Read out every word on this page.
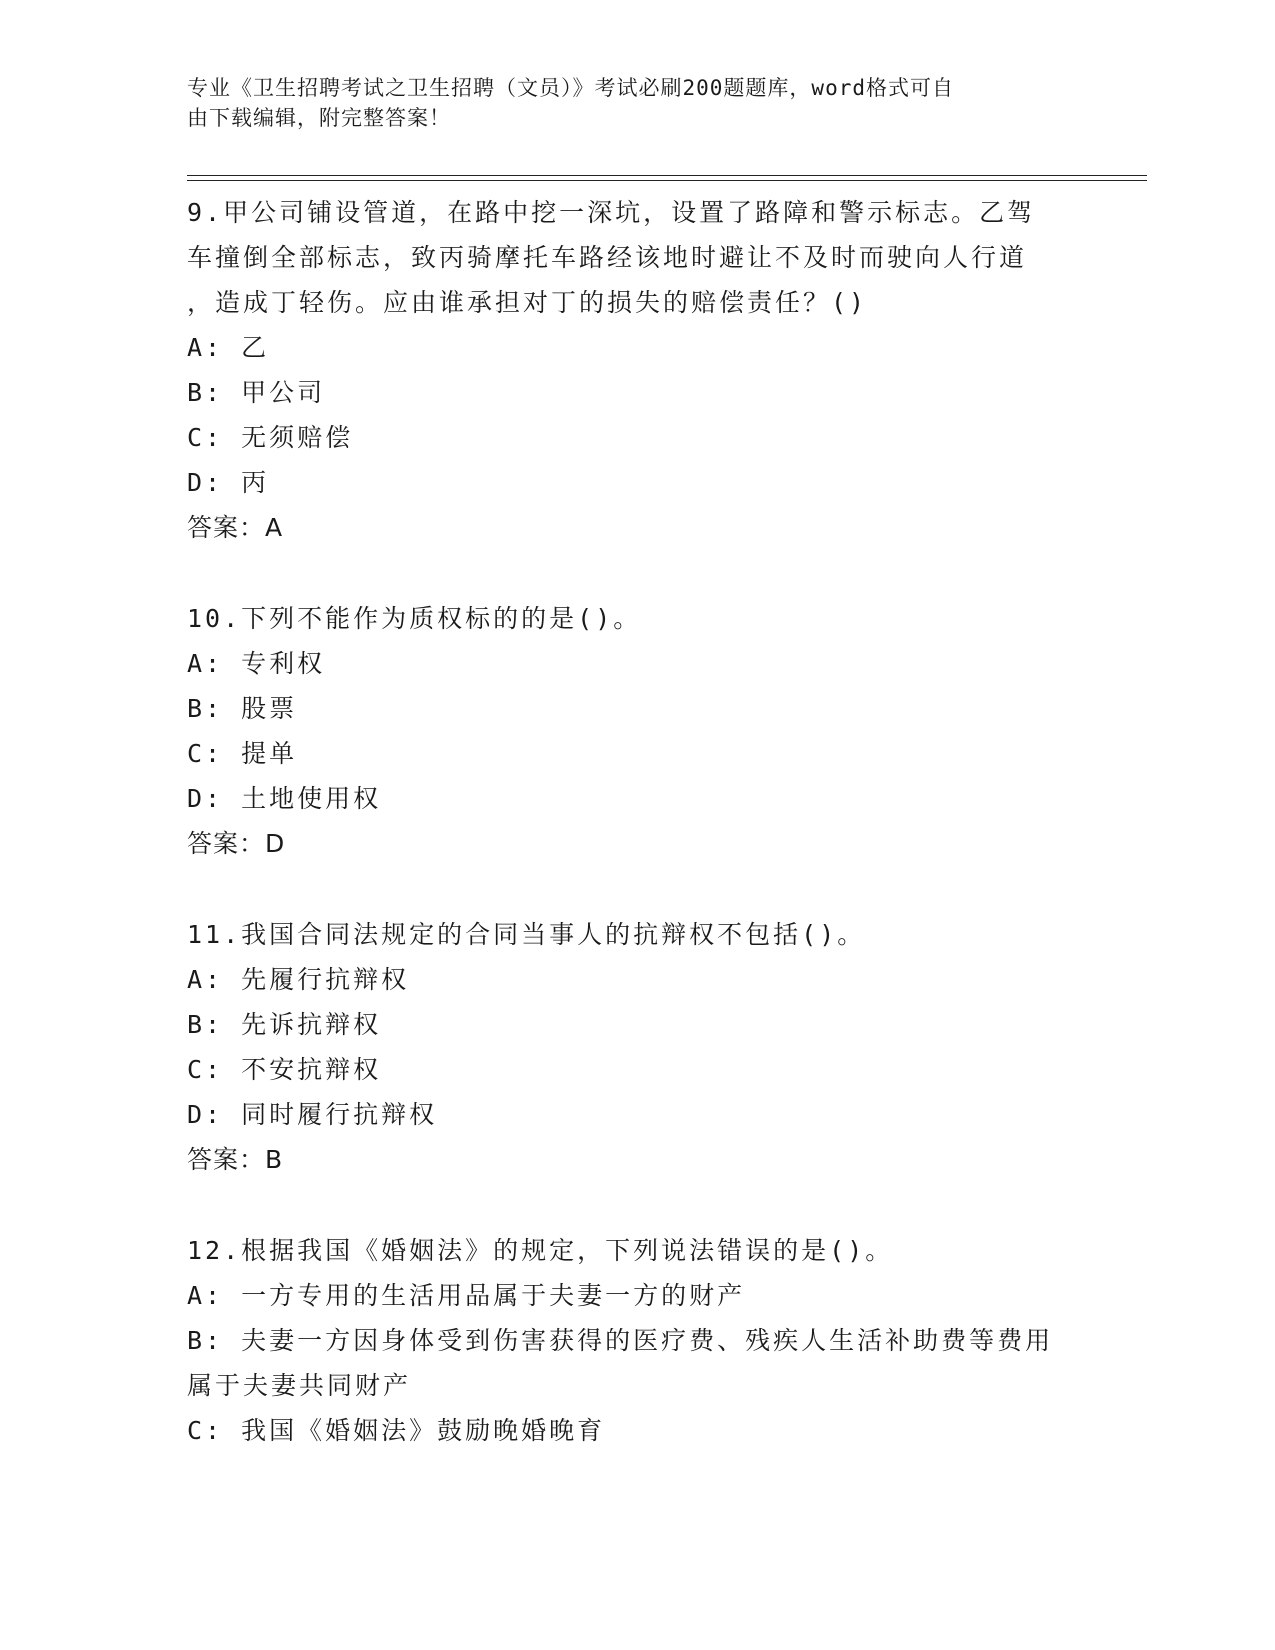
专业《卫生招聘考试之卫生招聘（文员）》考试必刷200题题库，word格式可自
由下载编辑，附完整答案！

9.甲公司铺设管道，在路中挖一深坑，设置了路障和警示标志。乙驾

车撞倒全部标志，致丙骑摩托车路经该地时避让不及时而驶向人行道

，造成丁轻伤。应由谁承担对丁的损失的赔偿责任？()

A: 乙

B: 甲公司

C: 无须赔偿

D: 丙

答案：A

10.下列不能作为质权标的的是()。

A: 专利权

B: 股票

C: 提单

D: 土地使用权

答案：D

11.我国合同法规定的合同当事人的抗辩权不包括()。

A: 先履行抗辩权

B: 先诉抗辩权

C: 不安抗辩权

D: 同时履行抗辩权

答案：B

12.根据我国《婚姻法》的规定，下列说法错误的是()。

A: 一方专用的生活用品属于夫妻一方的财产

B: 夫妻一方因身体受到伤害获得的医疗费、残疾人生活补助费等费用

属于夫妻共同财产

C: 我国《婚姻法》鼓励晚婚晚育
